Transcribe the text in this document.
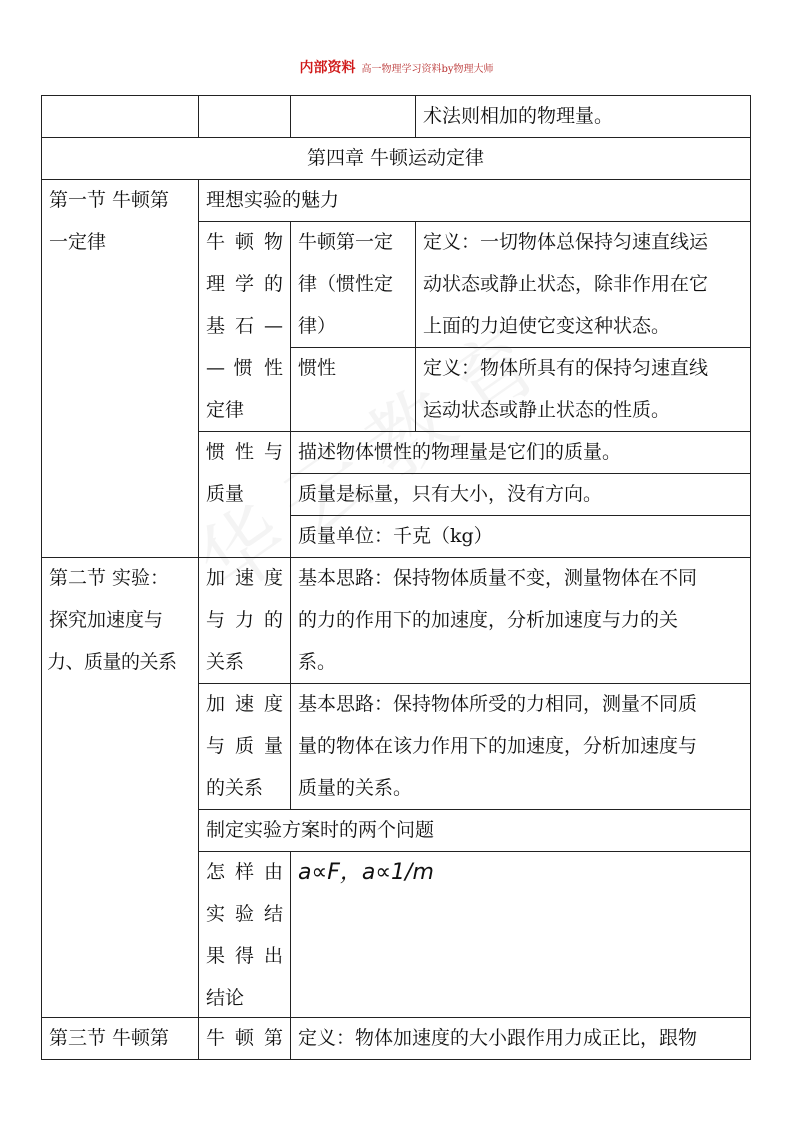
内部资料 高一物理学习资料by物理大师
术法则相加的物理量。
第四章 牛顿运动定律
第一节 牛顿第
一定律
理想实验的魅力
牛 顿 物
理 学 的
基 石 —
— 惯 性
定律
牛顿第一定
律（惯性定
律）
定义：一切物体总保持匀速直线运
动状态或静止状态，除非作用在它
上面的力迫使它变这种状态。
惯性	定义：物体所具有的保持匀速直线
运动状态或静止状态的性质。
惯 性 与
质量
描述物体惯性的物理量是它们的质量。
质量是标量，只有大小，没有方向。
质量单位：千克（kg）
第二节 实验：
探究加速度与
力、质量的关系
加 速 度
与 力 的
关系
基本思路：保持物体质量不变，测量物体在不同
的力的作用下的加速度，分析加速度与力的关
系。
加 速 度
与 质 量
的关系
基本思路：保持物体所受的力相同，测量不同质
量的物体在该力作用下的加速度，分析加速度与
质量的关系。
制定实验方案时的两个问题
怎 样 由
实 验 结
果 得 出
结论
a∝F，a∝1/m
第三节 牛顿第 牛 顿 第 定义：物体加速度的大小跟作用力成正比，跟物
